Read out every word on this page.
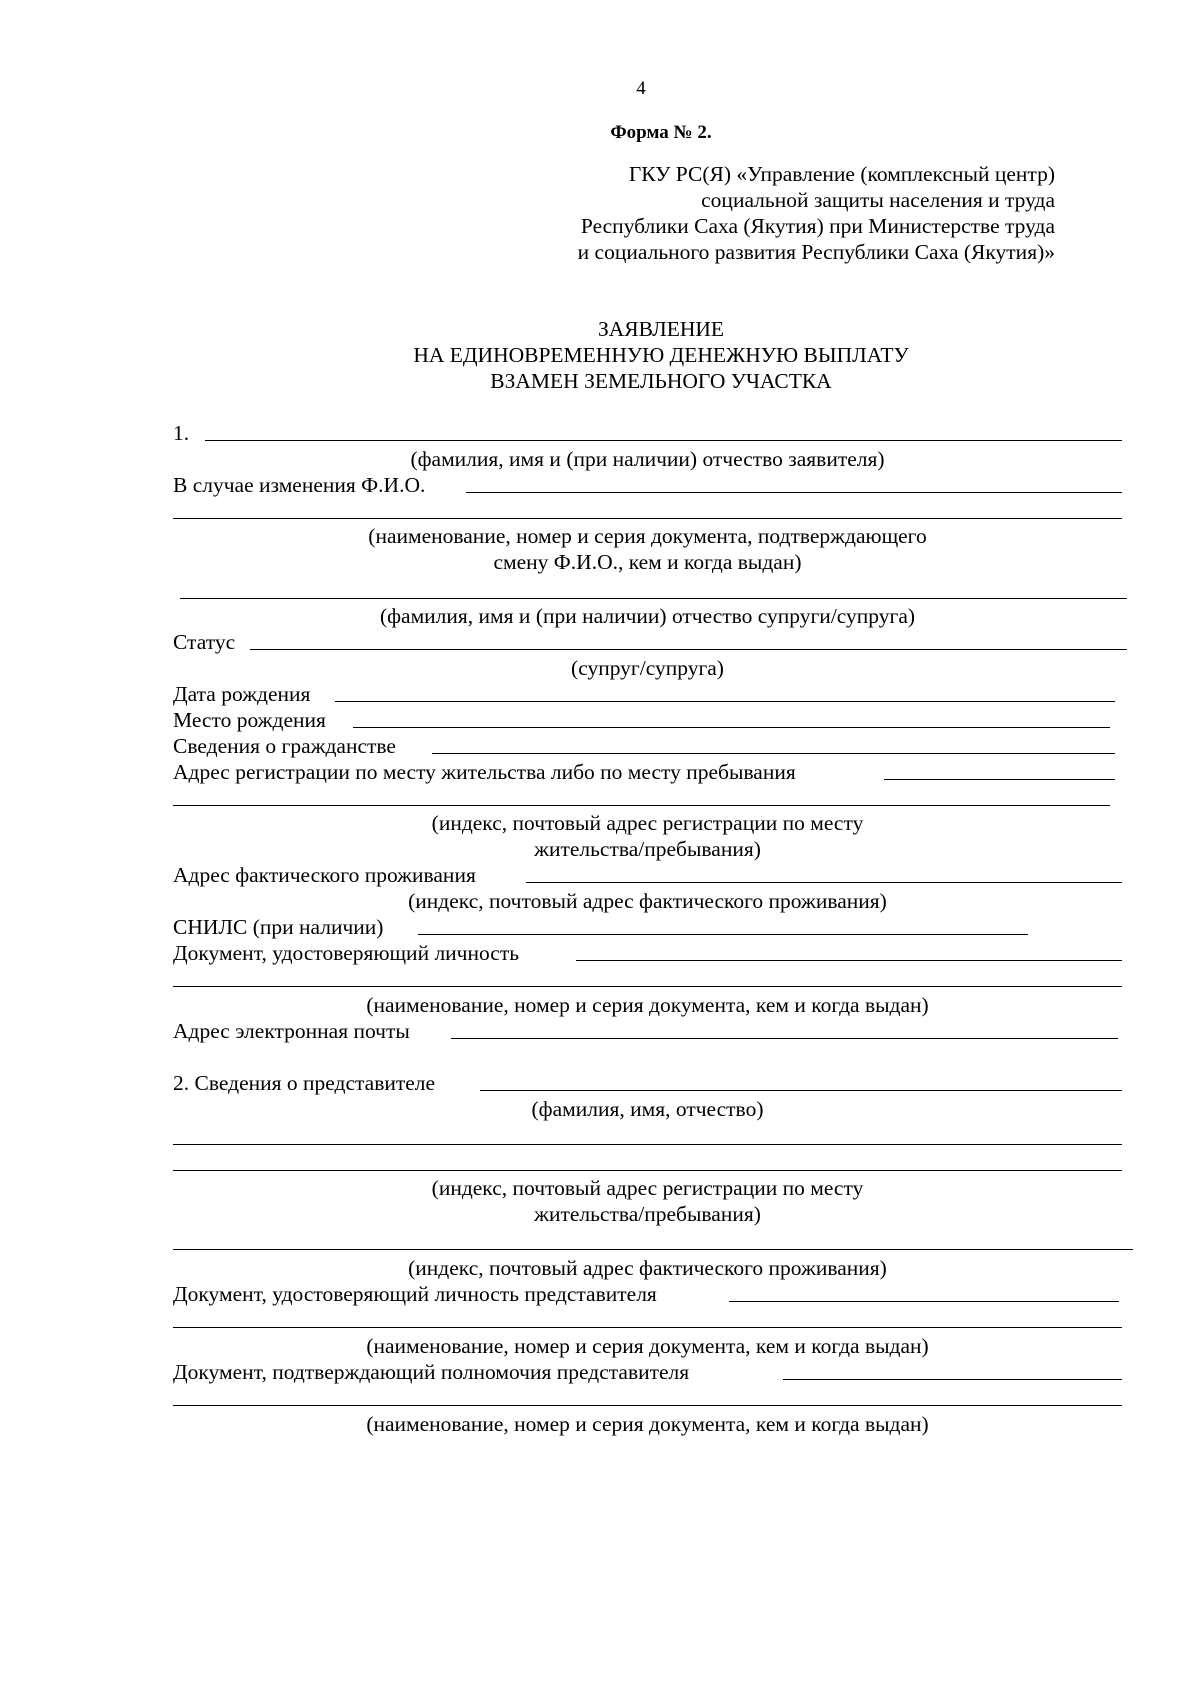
4
Форма № 2.
ГКУ РС(Я) «Управление (комплексный центр)
социальной защиты населения и труда
Республики Саха (Якутия) при Министерстве труда
и социального развития Республики Саха (Якутия)»
ЗАЯВЛЕНИЕ
НА ЕДИНОВРЕМЕННУЮ ДЕНЕЖНУЮ ВЫПЛАТУ
ВЗАМЕН ЗЕМЕЛЬНОГО УЧАСТКА
1.
(фамилия, имя и (при наличии) отчество заявителя)
В случае изменения Ф.И.О.
(наименование, номер и серия документа, подтверждающего
смену Ф.И.О., кем и когда выдан)
(фамилия, имя и (при наличии) отчество супруги/супруга)
Статус
(супруг/супруга)
Дата рождения
Место рождения
Сведения о гражданстве
Адрес регистрации по месту жительства либо по месту пребывания
(индекс, почтовый адрес регистрации по месту
жительства/пребывания)
Адрес фактического проживания
(индекс, почтовый адрес фактического проживания)
СНИЛС (при наличии)
Документ, удостоверяющий личность
(наименование, номер и серия документа, кем и когда выдан)
Адрес электронная почты
2. Сведения о представителе
(фамилия, имя, отчество)
(индекс, почтовый адрес регистрации по месту
жительства/пребывания)
(индекс, почтовый адрес фактического проживания)
Документ, удостоверяющий личность представителя
(наименование, номер и серия документа, кем и когда выдан)
Документ, подтверждающий полномочия представителя
(наименование, номер и серия документа, кем и когда выдан)
